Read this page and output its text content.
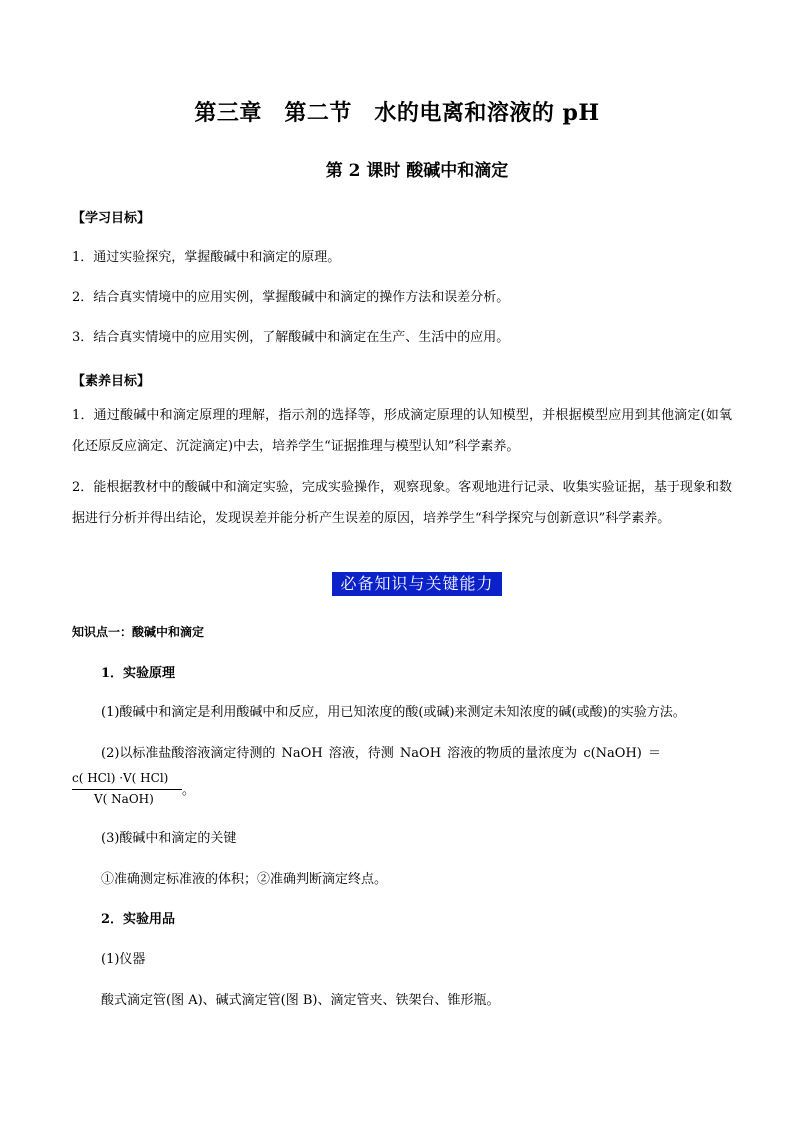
第三章　第二节　水的电离和溶液的 pH
第 2 课时 酸碱中和滴定
【学习目标】
1．通过实验探究，掌握酸碱中和滴定的原理。
2．结合真实情境中的应用实例，掌握酸碱中和滴定的操作方法和误差分析。
3．结合真实情境中的应用实例，了解酸碱中和滴定在生产、生活中的应用。
【素养目标】
1．通过酸碱中和滴定原理的理解，指示剂的选择等，形成滴定原理的认知模型，并根据模型应用到其他滴定(如氧化还原反应滴定、沉淀滴定)中去，培养学生“证据推理与模型认知”科学素养。
2．能根据教材中的酸碱中和滴定实验，完成实验操作，观察现象。客观地进行记录、收集实验证据，基于现象和数据进行分析并得出结论，发现误差并能分析产生误差的原因，培养学生“科学探究与创新意识”科学素养。
必备知识与关键能力
知识点一：酸碱中和滴定
1．实验原理
(1)酸碱中和滴定是利用酸碱中和反应，用已知浓度的酸(或碱)来测定未知浓度的碱(或酸)的实验方法。
(2)以标准盐酸溶液滴定待测的 NaOH 溶液，待测 NaOH 溶液的物质的量浓度为 c(NaOH) ＝
c( HCl) ·V( HCl)
V( NaOH)
。
(3)酸碱中和滴定的关键
①准确测定标准液的体积；②准确判断滴定终点。
2．实验用品
(1)仪器
酸式滴定管(图 A)、碱式滴定管(图 B)、滴定管夹、铁架台、锥形瓶。
